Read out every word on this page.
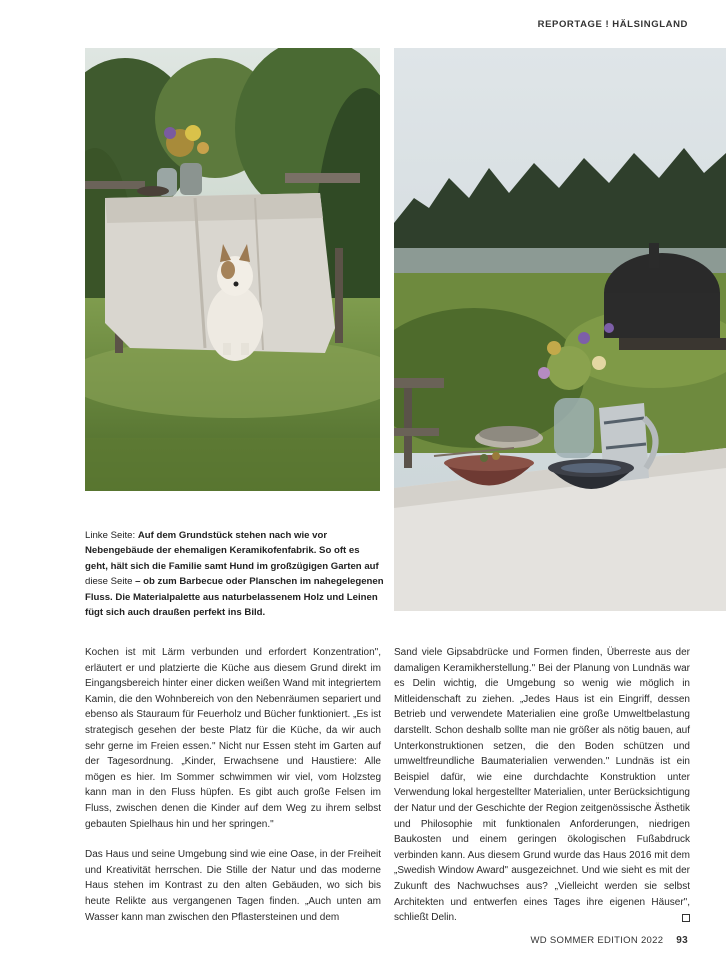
REPORTAGE ! HÄLSINGLAND
Linke Seite: Auf dem Grundstück stehen nach wie vor Nebengebäude der ehemaligen Keramikofenfabrik. So oft es geht, hält sich die Familie samt Hund im großzügigen Garten auf diese Seite – ob zum Barbecue oder Planschen im nahegelegenen Fluss. Die Materialpalette aus naturbelassenem Holz und Leinen fügt sich auch draußen perfekt ins Bild.

Kochen ist mit Lärm verbunden und erfordert Konzentration", erläutert er und platzierte die Küche aus diesem Grund direkt im Eingangsbereich hinter einer dicken weißen Wand mit integriertem Kamin, die den Wohnbereich von den Nebenräumen separiert und ebenso als Stauraum für Feuerholz und Bücher funktioniert. „Es ist strategisch gesehen der beste Platz für die Küche, da wir auch sehr gerne im Freien essen." Nicht nur Essen steht im Garten auf der Tagesordnung. „Kinder, Erwachsene und Haustiere: Alle mögen es hier. Im Sommer schwimmen wir viel, vom Holzsteg kann man in den Fluss hüpfen. Es gibt auch große Felsen im Fluss, zwischen denen die Kinder auf dem Weg zu ihrem selbst gebauten Spielhaus hin und her springen."

Das Haus und seine Umgebung sind wie eine Oase, in der Freiheit und Kreativität herrschen. Die Stille der Natur und das moderne Haus stehen im Kontrast zu den alten Gebäuden, wo sich bis heute Relikte aus vergangenen Tagen finden. „Auch unten am Wasser kann man zwischen den Pflastersteinen und dem

Sand viele Gipsabdrücke und Formen finden, Überreste aus der damaligen Keramikherstellung." Bei der Planung von Lundnäs war es Delin wichtig, die Umgebung so wenig wie möglich in Mitleidenschaft zu ziehen. „Jedes Haus ist ein Eingriff, dessen Betrieb und verwendete Materialien eine große Umweltbelastung darstellt. Schon deshalb sollte man nie größer als nötig bauen, auf Unterkonstruktionen setzen, die den Boden schützen und umweltfreundliche Baumaterialien verwenden." Lundnäs ist ein Beispiel dafür, wie eine durchdachte Konstruktion unter Verwendung lokal hergestellter Materialien, unter Berücksichtigung der Natur und der Geschichte der Region zeitgenössische Ästhetik und Philosophie mit funktionalen Anforderungen, niedrigen Baukosten und einem geringen ökologischen Fußabdruck verbinden kann. Aus diesem Grund wurde das Haus 2016 mit dem „Swedish Window Award" ausgezeichnet. Und wie sieht es mit der Zukunft des Nachwuchses aus? „Vielleicht werden sie selbst Architekten und entwerfen eines Tages ihre eigenen Häuser", schließt Delin.

WD SOMMER EDITION 2022 93
